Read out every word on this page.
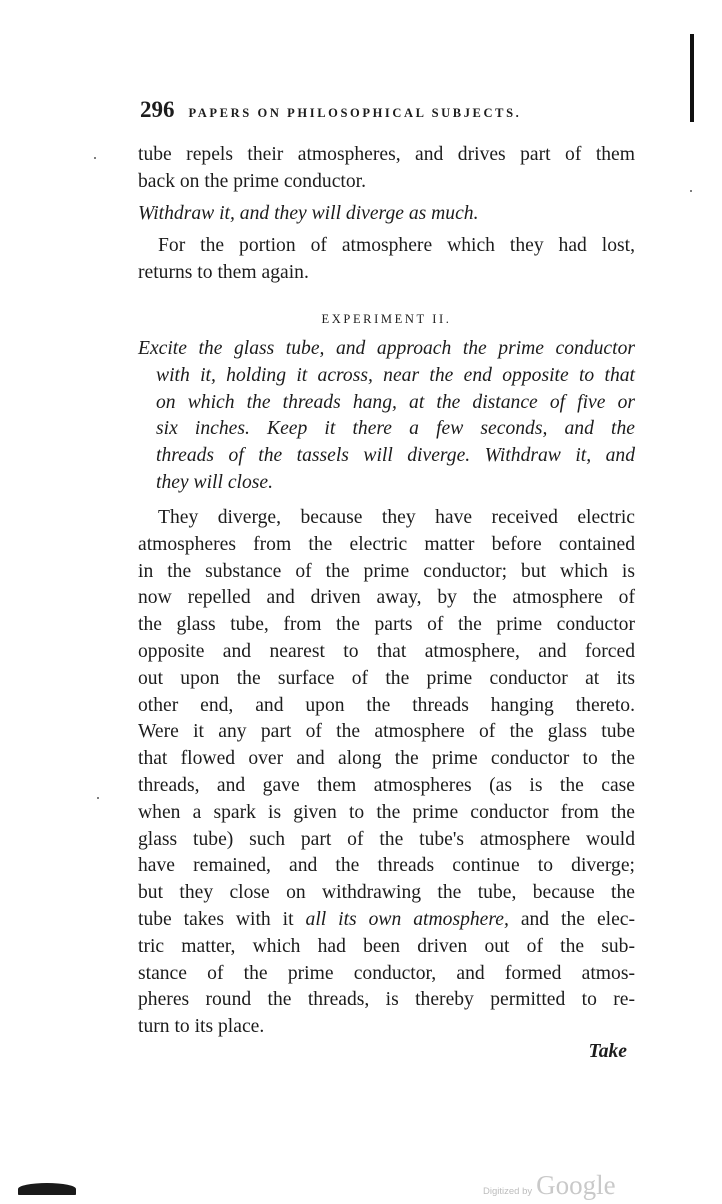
296 PAPERS ON PHILOSOPHICAL SUBJECTS.
tube repels their atmospheres, and drives part of them
back on the prime conductor.
Withdraw it, and they will diverge as much.
For the portion of atmosphere which they had lost,
returns to them again.
EXPERIMENT II.
Excite the glass tube, and approach the prime conductor
with it, holding it across, near the end opposite to that
on which the threads hang, at the distance of five or
six inches. Keep it there a few seconds, and the
threads of the tassels will diverge. Withdraw it, and
they will close.
They diverge, because they have received electric
atmospheres from the electric matter before contained
in the substance of the prime conductor; but which is
now repelled and driven away, by the atmosphere of
the glass tube, from the parts of the prime conductor
opposite and nearest to that atmosphere, and forced
out upon the surface of the prime conductor at its
other end, and upon the threads hanging thereto.
Were it any part of the atmosphere of the glass tube
that flowed over and along the prime conductor to the
threads, and gave them atmospheres (as is the case
when a spark is given to the prime conductor from the
glass tube) such part of the tube's atmosphere would
have remained, and the threads continue to diverge;
but they close on withdrawing the tube, because the
tube takes with it all its own atmosphere, and the elec-
tric matter, which had been driven out of the sub-
stance of the prime conductor, and formed atmos-
pheres round the threads, is thereby permitted to re-
turn to its place.
Take
Digitized by Google
